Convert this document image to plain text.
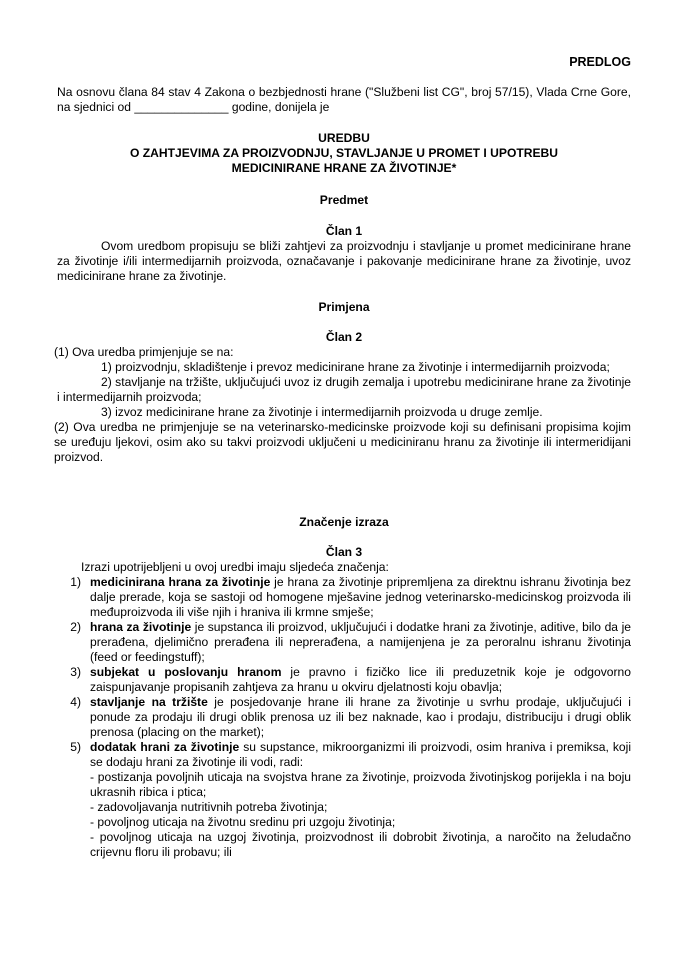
PREDLOG

Na osnovu člana 84 stav 4 Zakona o bezbjednosti hrane ("Službeni list CG", broj 57/15), Vlada Crne Gore, na sjednici od ______________ godine, donijela je

UREDBU

O ZAHTJEVIMA ZA PROIZVODNJU, STAVLJANJE U PROMET I UPOTREBU

MEDICINIRANE HRANE ZA ŽIVOTINJE*

Predmet

Član 1

Ovom uredbom propisuju se bliži zahtjevi za proizvodnju i stavljanje u promet medicinirane hrane za životinje i/ili intermedijarnih proizvoda, označavanje i pakovanje medicinirane hrane za životinje, uvoz medicinirane hrane za životinje.

Primjena

Član 2

(1) Ova uredba primjenjuje se na:

1) proizvodnju, skladištenje i prevoz medicinirane hrane za životinje i intermedijarnih proizvoda;

2) stavljanje na tržište, uključujući uvoz iz drugih zemalja i upotrebu medicinirane hrane za životinje i intermedijarnih proizvoda;

3) izvoz medicinirane hrane za životinje i intermedijarnih proizvoda u druge zemlje.

(2) Ova uredba ne primjenjuje se na veterinarsko-medicinske proizvode koji su definisani propisima kojim se uređuju ljekovi, osim ako su takvi proizvodi uključeni u mediciniranu hranu za životinje ili intermeridijani proizvod.

Značenje izraza

Član 3

Izrazi upotrijebljeni u ovoj uredbi imaju sljedeća značenja:

1) medicinirana hrana za životinje je hrana za životinje pripremljena za direktnu ishranu životinja bez dalje prerade, koja se sastoji od homogene mješavine jednog veterinarsko-medicinskog proizvoda ili međuproizvoda ili više njih i hraniva ili krmne smješe;
2) hrana za životinje je supstanca ili proizvod, uključujući i dodatke hrani za životinje, aditive, bilo da je prerađena, djelimično prerađena ili neprerađena, a namijenjena je za peroralnu ishranu životinja (feed or feedingstuff);
3) subjekat u poslovanju hranom je pravno i fizičko lice ili preduzetnik koje je odgovorno zaispunjavanje propisanih zahtjeva za hranu u okviru djelatnosti koju obavlja;
4) stavljanje na tržište je posjedovanje hrane ili hrane za životinje u svrhu prodaje, uključujući i ponude za prodaju ili drugi oblik prenosa uz ili bez naknade, kao i prodaju, distribuciju i drugi oblik prenosa (placing on the market);
5) dodatak hrani za životinje su supstance, mikroorganizmi ili proizvodi, osim hraniva i premiksa, koji se dodaju hrani za životinje ili vodi, radi:

- postizanja povoljnih uticaja na svojstva hrane za životinje, proizvoda životinjskog porijekla i na boju ukrasnih ribica i ptica;

- zadovoljavanja nutritivnih potreba životinja;

- povoljnog uticaja na životnu sredinu pri uzgoju životinja;

- povoljnog uticaja na uzgoj životinja, proizvodnost ili dobrobit životinja, a naročito na želudačno crijevnu floru ili probavu; ili
